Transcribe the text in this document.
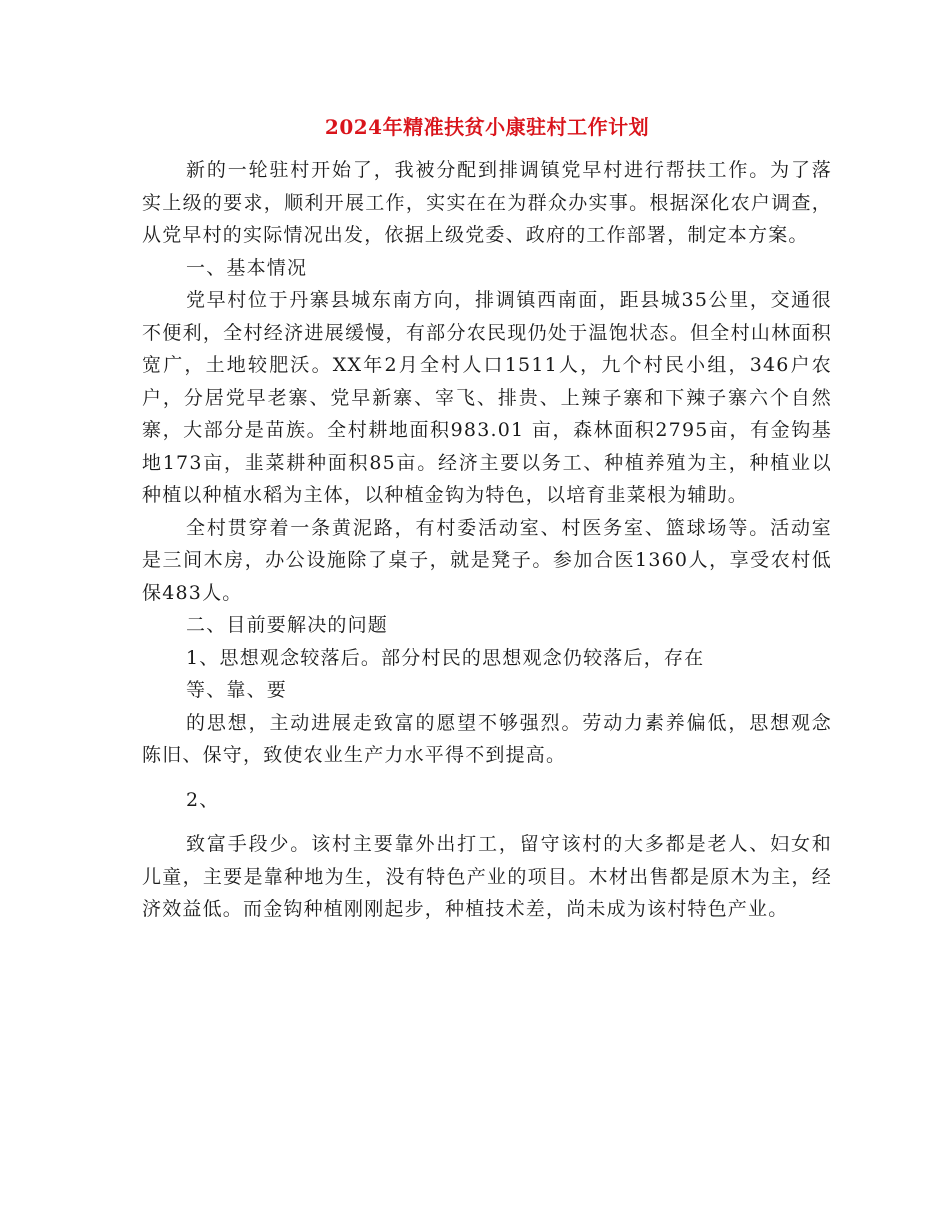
2024年精准扶贫小康驻村工作计划

新的一轮驻村开始了，我被分配到排调镇党早村进行帮扶工作。为了落实上级的要求，顺利开展工作，实实在在为群众办实事。根据深化农户调查，从党早村的实际情况出发，依据上级党委、政府的工作部署，制定本方案。

一、基本情况

党早村位于丹寨县城东南方向，排调镇西南面，距县城35公里，交通很不便利，全村经济进展缓慢，有部分农民现仍处于温饱状态。但全村山林面积宽广，土地较肥沃。XX年2月全村人口1511人，九个村民小组，346户农户，分居党早老寨、党早新寨、宰飞、排贵、上辣子寨和下辣子寨六个自然寨，大部分是苗族。全村耕地面积983.01 亩，森林面积2795亩，有金钩基地173亩，韭菜耕种面积85亩。经济主要以务工、种植养殖为主，种植业以种植以种植水稻为主体，以种植金钩为特色，以培育韭菜根为辅助。

全村贯穿着一条黄泥路，有村委活动室、村医务室、篮球场等。活动室是三间木房，办公设施除了桌子，就是凳子。参加合医1360人，享受农村低保483人。

二、目前要解决的问题

1、思想观念较落后。部分村民的思想观念仍较落后，存在

等、靠、要

的思想，主动进展走致富的愿望不够强烈。劳动力素养偏低，思想观念陈旧、保守，致使农业生产力水平得不到提高。

2、

致富手段少。该村主要靠外出打工，留守该村的大多都是老人、妇女和儿童，主要是靠种地为生，没有特色产业的项目。木材出售都是原木为主，经济效益低。而金钩种植刚刚起步，种植技术差，尚未成为该村特色产业。
